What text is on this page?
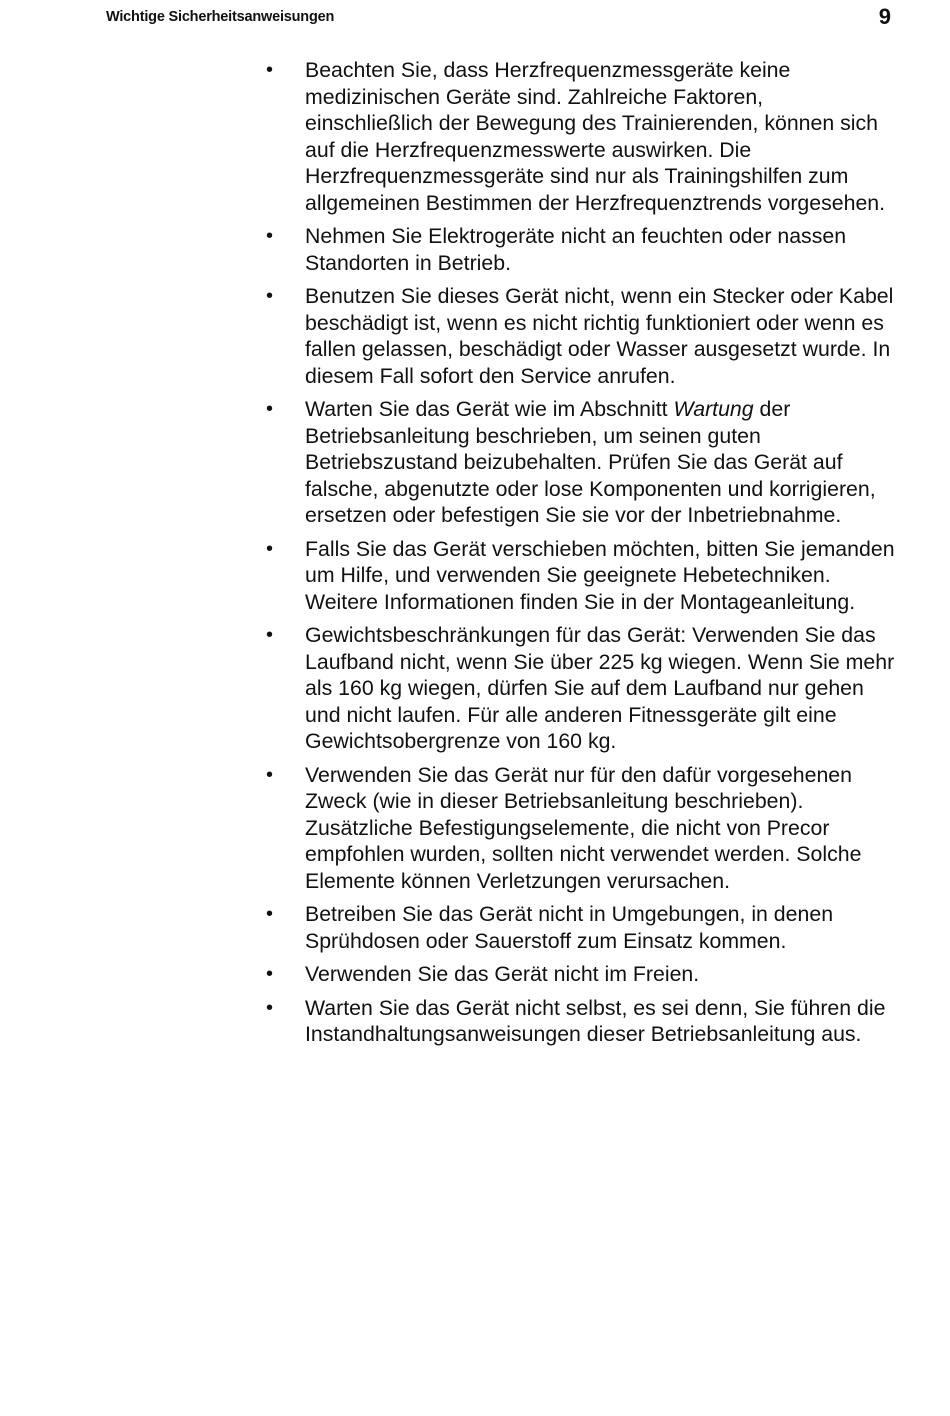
Wichtige Sicherheitsanweisungen	9
• Beachten Sie, dass Herzfrequenzmessgeräte keine medizinischen Geräte sind. Zahlreiche Faktoren, einschließlich der Bewegung des Trainierenden, können sich auf die Herzfrequenzmesswerte auswirken. Die Herzfrequenzmessgeräte sind nur als Trainingshilfen zum allgemeinen Bestimmen der Herzfrequenztrends vorgesehen.
• Nehmen Sie Elektrogeräte nicht an feuchten oder nassen Standorten in Betrieb.
• Benutzen Sie dieses Gerät nicht, wenn ein Stecker oder Kabel beschädigt ist, wenn es nicht richtig funktioniert oder wenn es fallen gelassen, beschädigt oder Wasser ausgesetzt wurde. In diesem Fall sofort den Service anrufen.
• Warten Sie das Gerät wie im Abschnitt Wartung der Betriebsanleitung beschrieben, um seinen guten Betriebszustand beizubehalten. Prüfen Sie das Gerät auf falsche, abgenutzte oder lose Komponenten und korrigieren, ersetzen oder befestigen Sie sie vor der Inbetriebnahme.
• Falls Sie das Gerät verschieben möchten, bitten Sie jemanden um Hilfe, und verwenden Sie geeignete Hebetechniken. Weitere Informationen finden Sie in der Montageanleitung.
• Gewichtsbeschränkungen für das Gerät: Verwenden Sie das Laufband nicht, wenn Sie über 225 kg wiegen. Wenn Sie mehr als 160 kg wiegen, dürfen Sie auf dem Laufband nur gehen und nicht laufen. Für alle anderen Fitnessgeräte gilt eine Gewichtsobergrenze von 160 kg.
• Verwenden Sie das Gerät nur für den dafür vorgesehenen Zweck (wie in dieser Betriebsanleitung beschrieben). Zusätzliche Befestigungselemente, die nicht von Precor empfohlen wurden, sollten nicht verwendet werden. Solche Elemente können Verletzungen verursachen.
• Betreiben Sie das Gerät nicht in Umgebungen, in denen Sprühdosen oder Sauerstoff zum Einsatz kommen.
• Verwenden Sie das Gerät nicht im Freien.
• Warten Sie das Gerät nicht selbst, es sei denn, Sie führen die Instandhaltungsanweisungen dieser Betriebsanleitung aus.
